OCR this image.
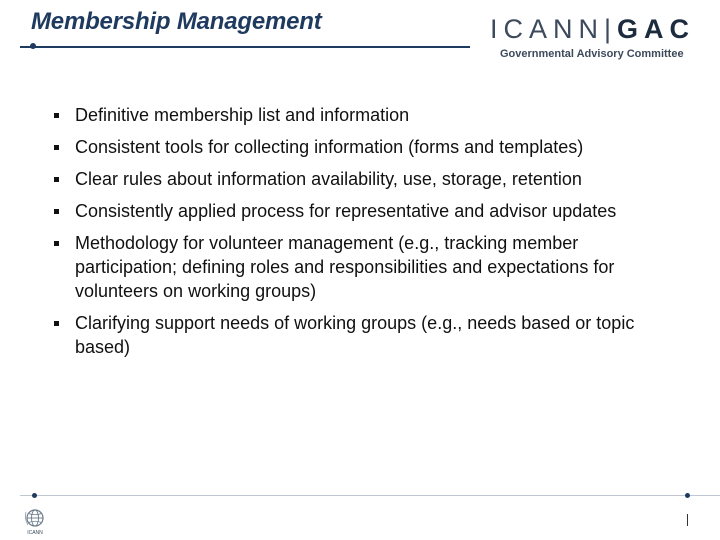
Membership Management	ICANN|GAC
Governmental Advisory Committee
Definitive membership list and information
Consistent tools for collecting information (forms and templates)
Clear rules about information availability, use, storage, retention
Consistently applied process for representative and advisor updates
Methodology for volunteer management (e.g., tracking member participation; defining roles and responsibilities and expectations for volunteers on working groups)
Clarifying support needs of working groups (e.g., needs based or topic based)
ICANN
